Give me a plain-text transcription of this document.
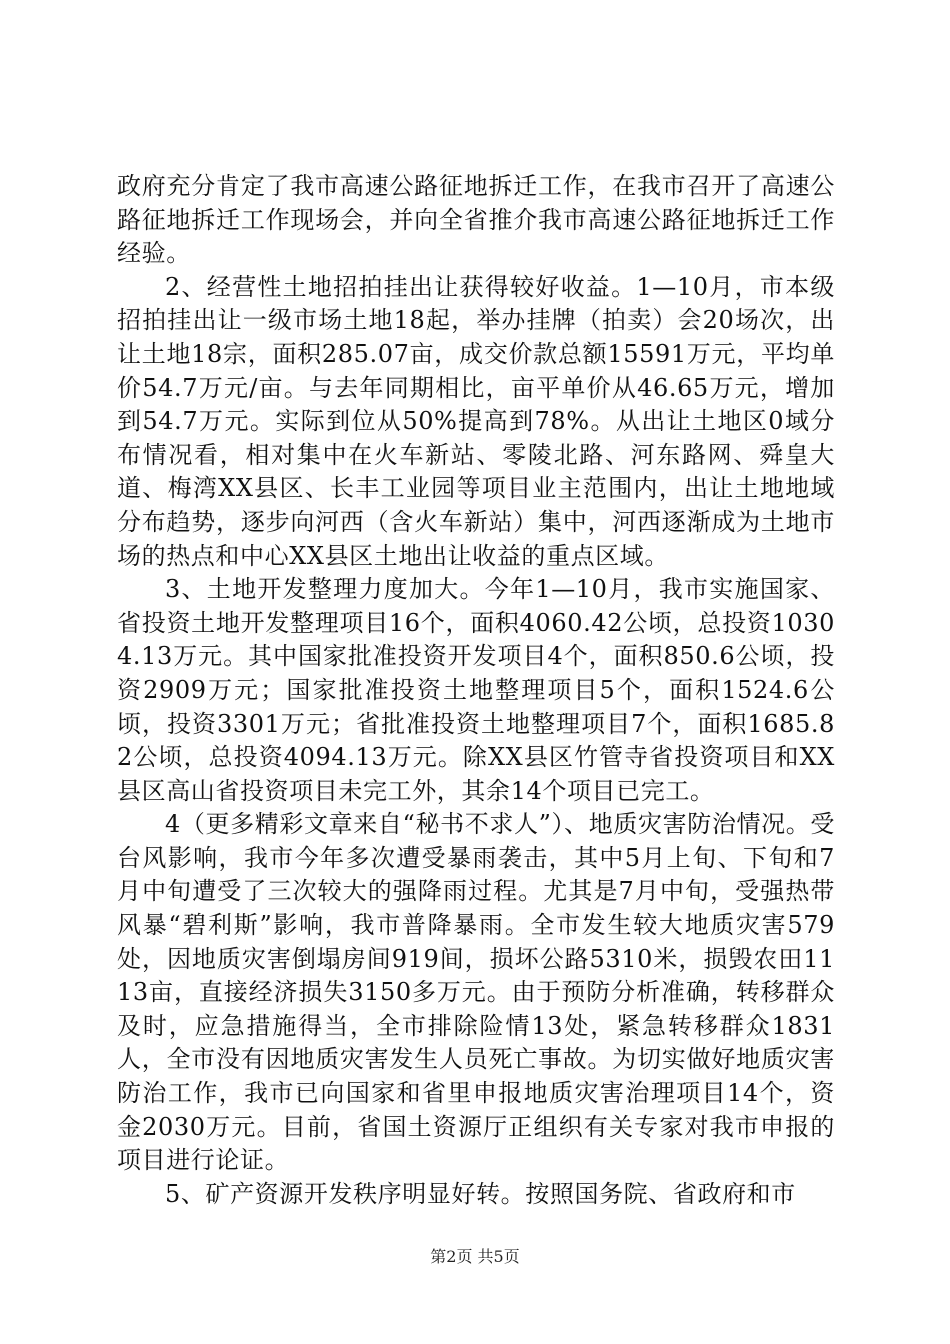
政府充分肯定了我市高速公路征地拆迁工作，在我市召开了高速公路征地拆迁工作现场会，并向全省推介我市高速公路征地拆迁工作经验。

2、经营性土地招拍挂出让获得较好收益。1—10月，市本级招拍挂出让一级市场土地18起，举办挂牌（拍卖）会20场次，出让土地18宗，面积285.07亩，成交价款总额15591万元，平均单价54.7万元/亩。与去年同期相比，亩平单价从46.65万元，增加到54.7万元。实际到位从50%提高到78%。从出让土地区0域分布情况看，相对集中在火车新站、零陵北路、河东路网、舜皇大道、梅湾XX县区、长丰工业园等项目业主范围内，出让土地地域分布趋势，逐步向河西（含火车新站）集中，河西逐渐成为土地市场的热点和中心XX县区土地出让收益的重点区域。

3、土地开发整理力度加大。今年1—10月，我市实施国家、省投资土地开发整理项目16个，面积4060.42公顷，总投资10304.13万元。其中国家批准投资开发项目4个，面积850.6公顷，投资2909万元；国家批准投资土地整理项目5个，面积1524.6公顷，投资3301万元；省批准投资土地整理项目7个，面积1685.82公顷，总投资4094.13万元。除XX县区竹管寺省投资项目和XX县区高山省投资项目未完工外，其余14个项目已完工。

4（更多精彩文章来自“秘书不求人”）、地质灾害防治情况。受台风影响，我市今年多次遭受暴雨袭击，其中5月上旬、下旬和7月中旬遭受了三次较大的强降雨过程。尤其是7月中旬，受强热带风暴“碧利斯”影响，我市普降暴雨。全市发生较大地质灾害579处，因地质灾害倒塌房间919间，损坏公路5310米，损毁农田1113亩，直接经济损失3150多万元。由于预防分析准确，转移群众及时，应急措施得当，全市排除险情13处，紧急转移群众1831人，全市没有因地质灾害发生人员死亡事故。为切实做好地质灾害防治工作，我市已向国家和省里申报地质灾害治理项目14个，资金2030万元。目前，省国土资源厅正组织有关专家对我市申报的项目进行论证。

5、矿产资源开发秩序明显好转。按照国务院、省政府和市

第2页 共5页
